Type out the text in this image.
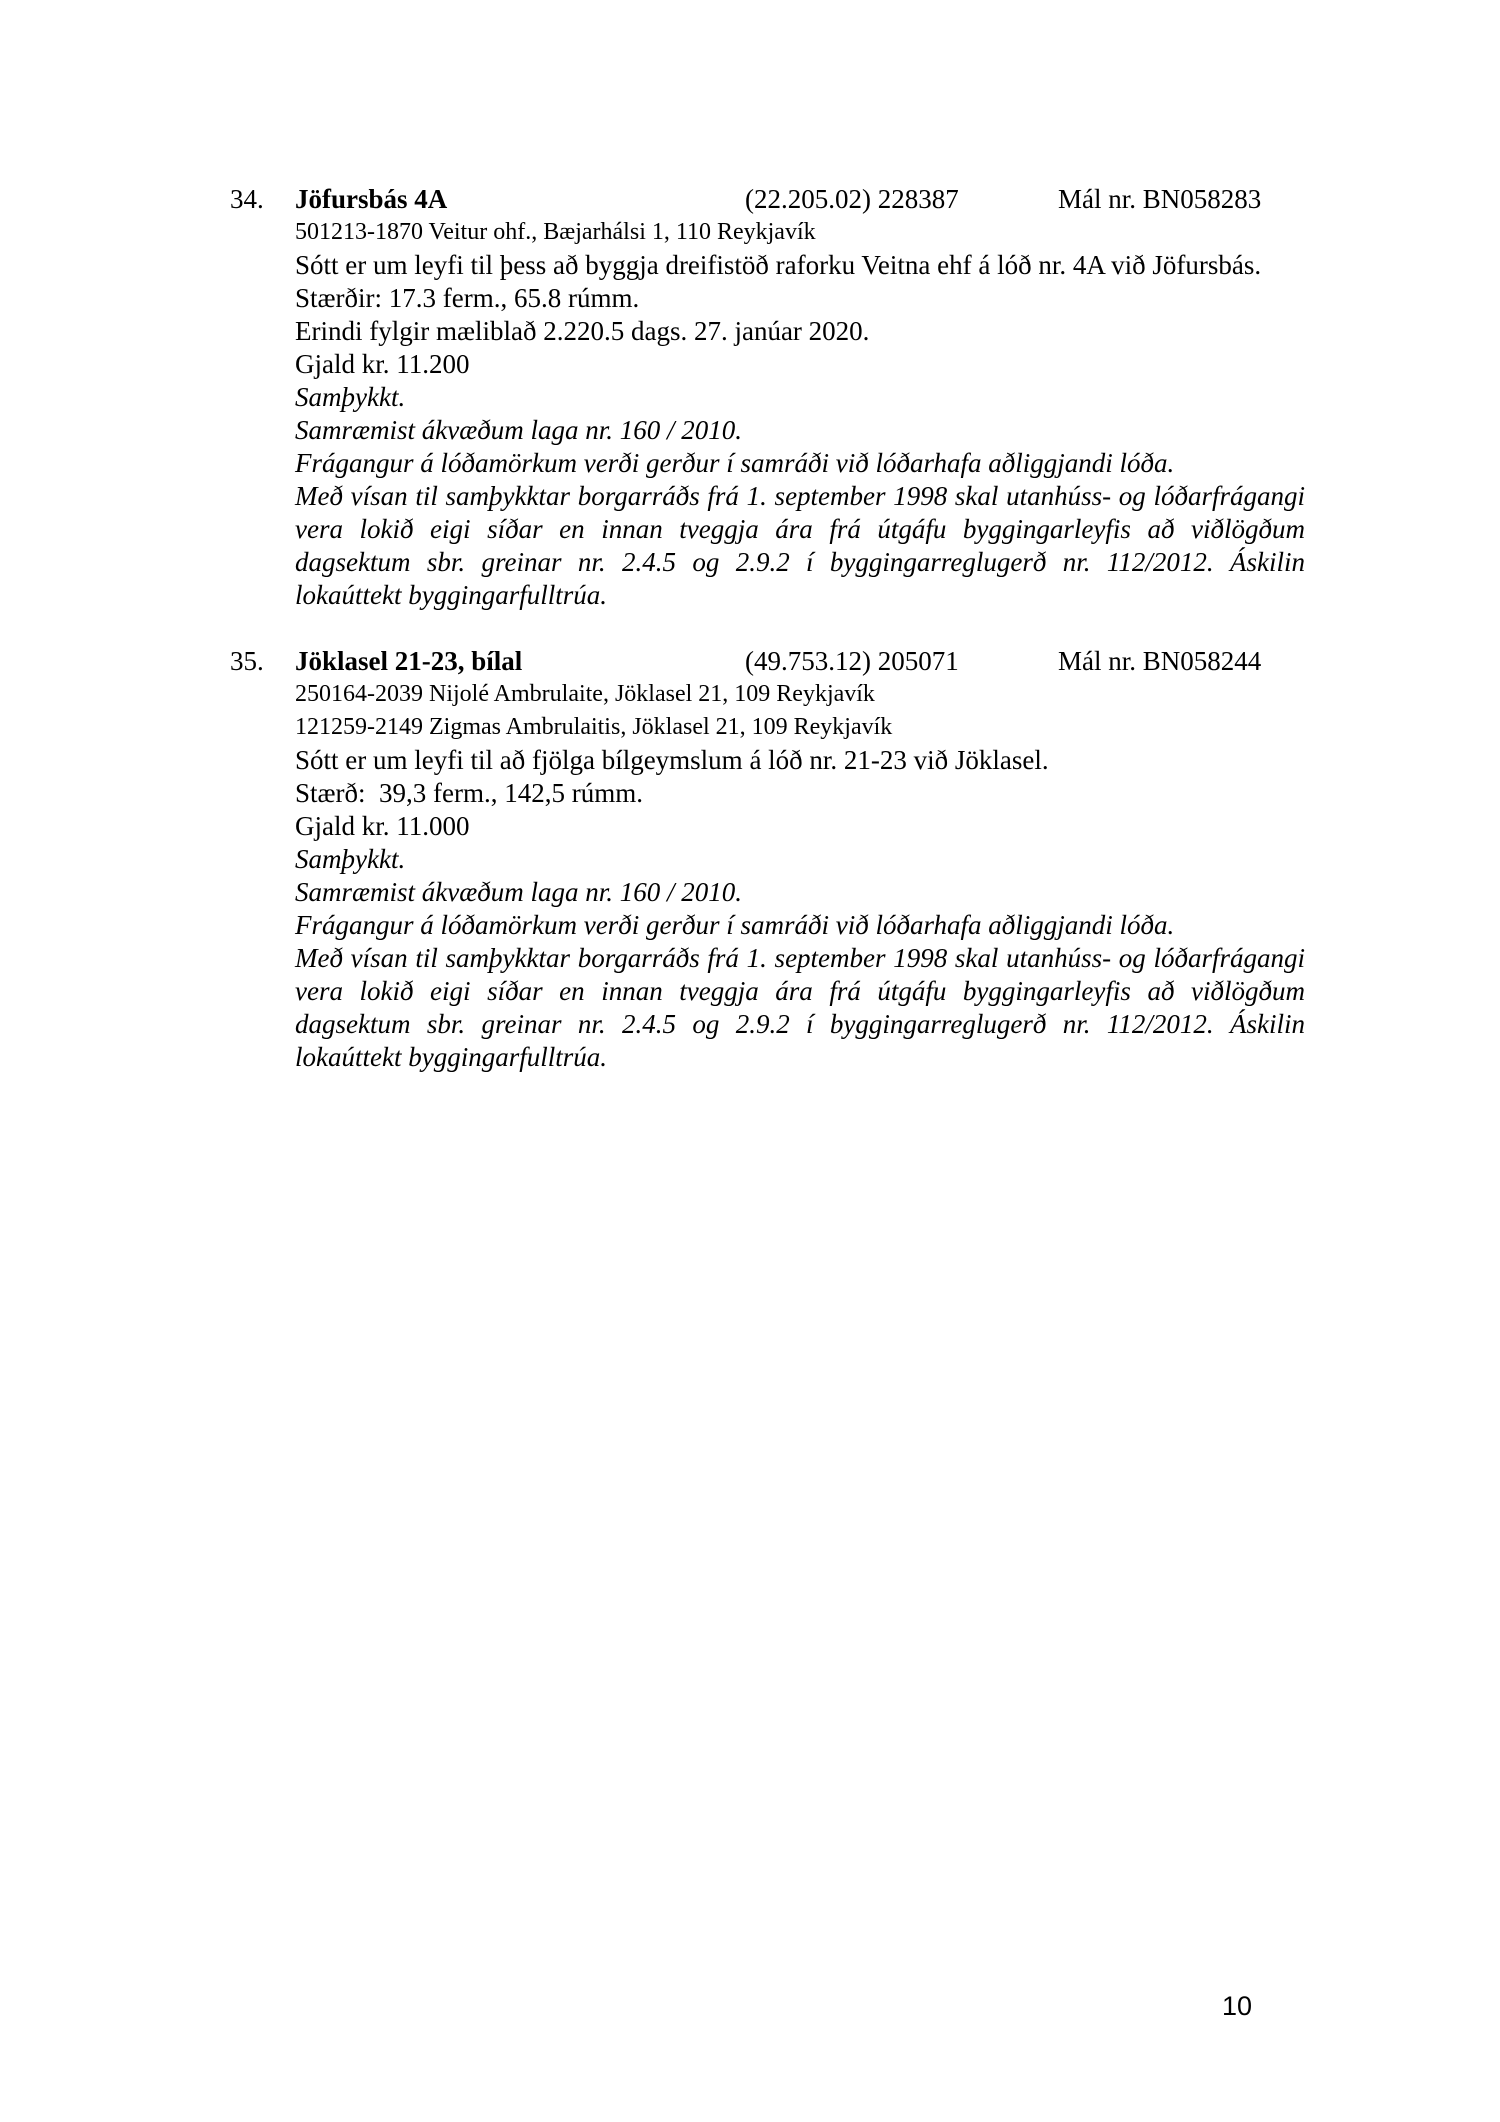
34.	Jöfursbás 4A	(22.205.02) 228387	Mál nr. BN058283

501213-1870 Veitur ohf., Bæjarhálsi 1, 110 Reykjavík

Sótt er um leyfi til þess að byggja dreifistöð raforku Veitna ehf á lóð nr. 4A við Jöfursbás.

Stærðir: 17.3 ferm., 65.8 rúmm.

Erindi fylgir mæliblað 2.220.5 dags. 27. janúar 2020.

Gjald kr. 11.200

Samþykkt.

Samræmist ákvæðum laga nr. 160 / 2010.

Frágangur á lóðamörkum verði gerður í samráði við lóðarhafa aðliggjandi lóða.

Með vísan til samþykktar borgarráðs frá 1. september 1998 skal utanhúss- og lóðarfrágangi vera lokið eigi síðar en innan tveggja ára frá útgáfu byggingarleyfis að viðlögðum dagsektum sbr. greinar nr. 2.4.5 og 2.9.2 í byggingarreglugerð nr. 112/2012. Áskilin lokaúttekt byggingarfulltrúa.

35.	Jöklasel 21-23, bílal	(49.753.12) 205071	Mál nr. BN058244

250164-2039 Nijolé Ambrulaite, Jöklasel 21, 109 Reykjavík

121259-2149 Zigmas Ambrulaitis, Jöklasel 21, 109 Reykjavík

Sótt er um leyfi til að fjölga bílgeymslum á lóð nr. 21-23 við Jöklasel.

Stærð:  39,3 ferm., 142,5 rúmm.

Gjald kr. 11.000

Samþykkt.

Samræmist ákvæðum laga nr. 160 / 2010.

Frágangur á lóðamörkum verði gerður í samráði við lóðarhafa aðliggjandi lóða.

Með vísan til samþykktar borgarráðs frá 1. september 1998 skal utanhúss- og lóðarfrágangi vera lokið eigi síðar en innan tveggja ára frá útgáfu byggingarleyfis að viðlögðum dagsektum sbr. greinar nr. 2.4.5 og 2.9.2 í byggingarreglugerð nr. 112/2012. Áskilin lokaúttekt byggingarfulltrúa.

10
